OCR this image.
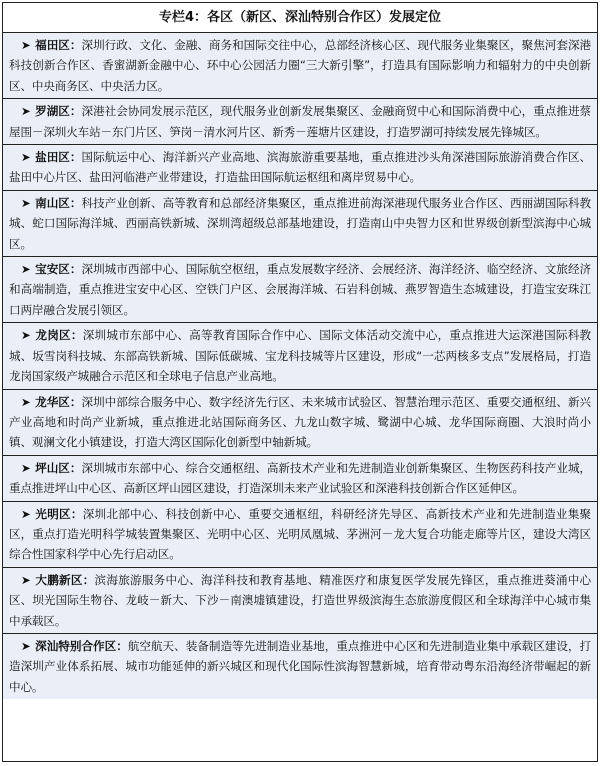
专栏4：各区（新区、深汕特别合作区）发展定位
➤ 福田区：深圳行政、文化、金融、商务和国际交往中心，总部经济核心区、现代服务业集聚区，聚焦河套深港科技创新合作区、香蜜湖新金融中心、环中心公园活力圈“三大新引擎”，打造具有国际影响力和辐射力的中央创新区、中央商务区、中央活力区。
➤ 罗湖区：深港社会协同发展示范区，现代服务业创新发展集聚区、金融商贸中心和国际消费中心，重点推进蔡屋围－深圳火车站－东门片区、笋岗－清水河片区、新秀－莲塘片区建设，打造罗湖可持续发展先锋城区。
➤ 盐田区：国际航运中心、海洋新兴产业高地、滨海旅游重要基地，重点推进沙头角深港国际旅游消费合作区、盐田中心片区、盐田河临港产业带建设，打造盐田国际航运枢纽和离岸贸易中心。
➤ 南山区：科技产业创新、高等教育和总部经济集聚区，重点推进前海深港现代服务业合作区、西丽湖国际科教城、蛇口国际海洋城、西丽高铁新城、深圳湾超级总部基地建设，打造南山中央智力区和世界级创新型滨海中心城区。
➤ 宝安区：深圳城市西部中心、国际航空枢纽，重点发展数字经济、会展经济、海洋经济、临空经济、文旅经济和高端制造，重点推进宝安中心区、空铁门户区、会展海洋城、石岩科创城、燕罗智造生态城建设，打造宝安珠江口两岸融合发展引领区。
➤ 龙岗区：深圳城市东部中心、高等教育国际合作中心、国际文体活动交流中心，重点推进大运深港国际科教城、坂雪岗科技城、东部高铁新城、国际低碳城、宝龙科技城等片区建设，形成“一芯两核多支点”发展格局，打造龙岗国家级产城融合示范区和全球电子信息产业高地。
➤ 龙华区：深圳中部综合服务中心、数字经济先行区、未来城市试验区、智慧治理示范区、重要交通枢纽、新兴产业高地和时尚产业新城，重点推进北站国际商务区、九龙山数字城、鹭湖中心城、龙华国际商圈、大浪时尚小镇、观澜文化小镇建设，打造大湾区国际化创新型中轴新城。
➤ 坪山区：深圳城市东部中心、综合交通枢纽、高新技术产业和先进制造业创新集聚区、生物医药科技产业城，重点推进坪山中心区、高新区坪山园区建设，打造深圳未来产业试验区和深港科技创新合作区延伸区。
➤ 光明区：深圳北部中心、科技创新中心、重要交通枢纽，科研经济先导区、高新技术产业和先进制造业集聚区，重点打造光明科学城装置集聚区、光明中心区、光明凤凰城、茅洲河－龙大复合功能走廊等片区，建设大湾区综合性国家科学中心先行启动区。
➤ 大鹏新区：滨海旅游服务中心、海洋科技和教育基地、精准医疗和康复医学发展先锋区，重点推进葵涌中心区、坝光国际生物谷、龙岐－新大、下沙－南澳墟镇建设，打造世界级滨海生态旅游度假区和全球海洋中心城市集中承载区。
➤ 深汕特别合作区：航空航天、装备制造等先进制造业基地，重点推进中心区和先进制造业集中承载区建设，打造深圳产业体系拓展、城市功能延伸的新兴城区和现代化国际性滨海智慧新城，培育带动粤东沿海经济带崛起的新中心。
